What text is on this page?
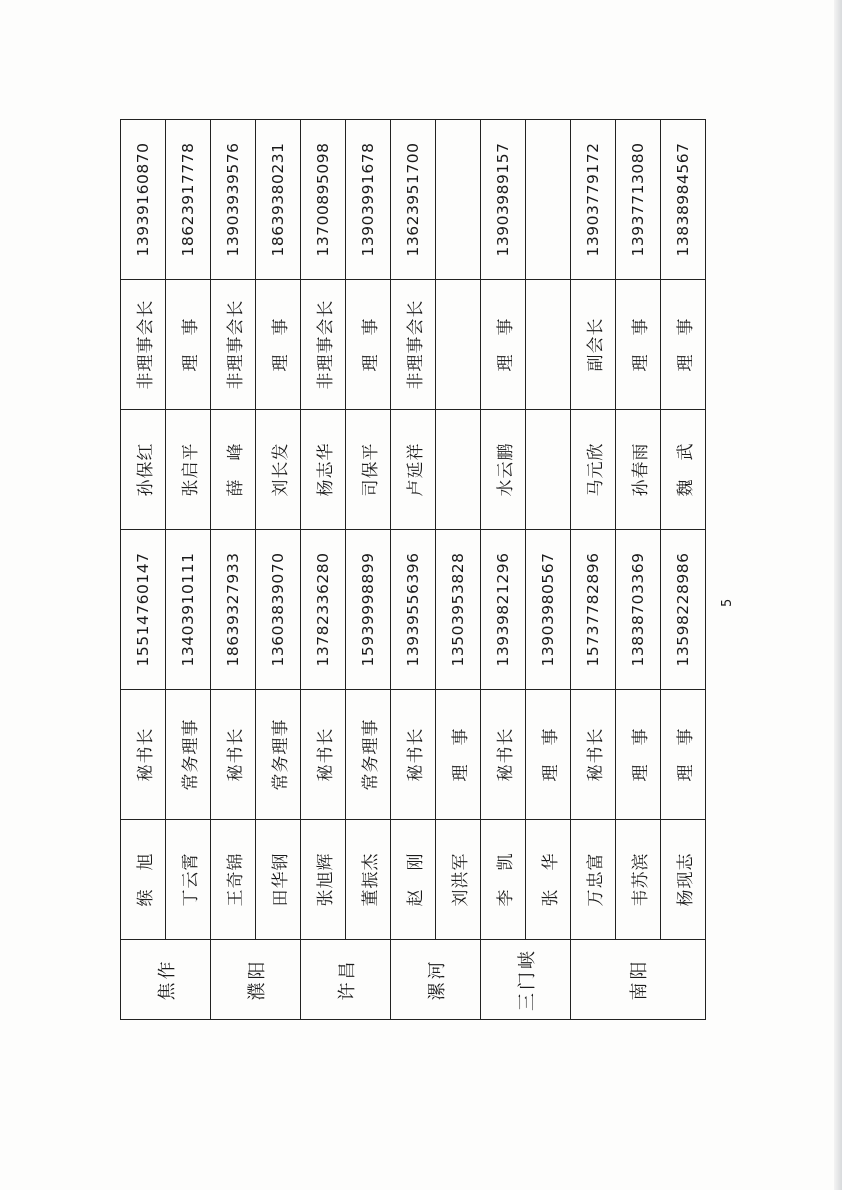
焦作	缑　旭	秘书长	15514760147	孙保红	非理事会长	13939160870
	丁云霄	常务理事	13403910111	张启平	理　事	18623917778
濮阳	王奇锦	秘书长	18639327933	薛　峰	非理事会长	13903939576
	田华钢	常务理事	13603839070	刘长发	理　事	18639380231
许昌	张旭辉	秘书长	13782336280	杨志华	非理事会长	13700895098
	董振杰	常务理事	15939998899	司保平	理　事	13903991678
漯河	赵　刚	秘书长	13939556396	卢延祥	非理事会长	13623951700
	刘洪军	理　事	13503953828			
三门峡	李　凯	秘书长	13939821296	水云鹏	理　事	13903989157
	张　华	理　事	13903980567			
南阳	万忠富	秘书长	15737782896	马元欣	副会长	13903779172
	韦苏滨	理　事	13838703369	孙春雨	理　事	13937713080
	杨现志	理　事	13598228986	魏　武	理　事	13838984567
5
